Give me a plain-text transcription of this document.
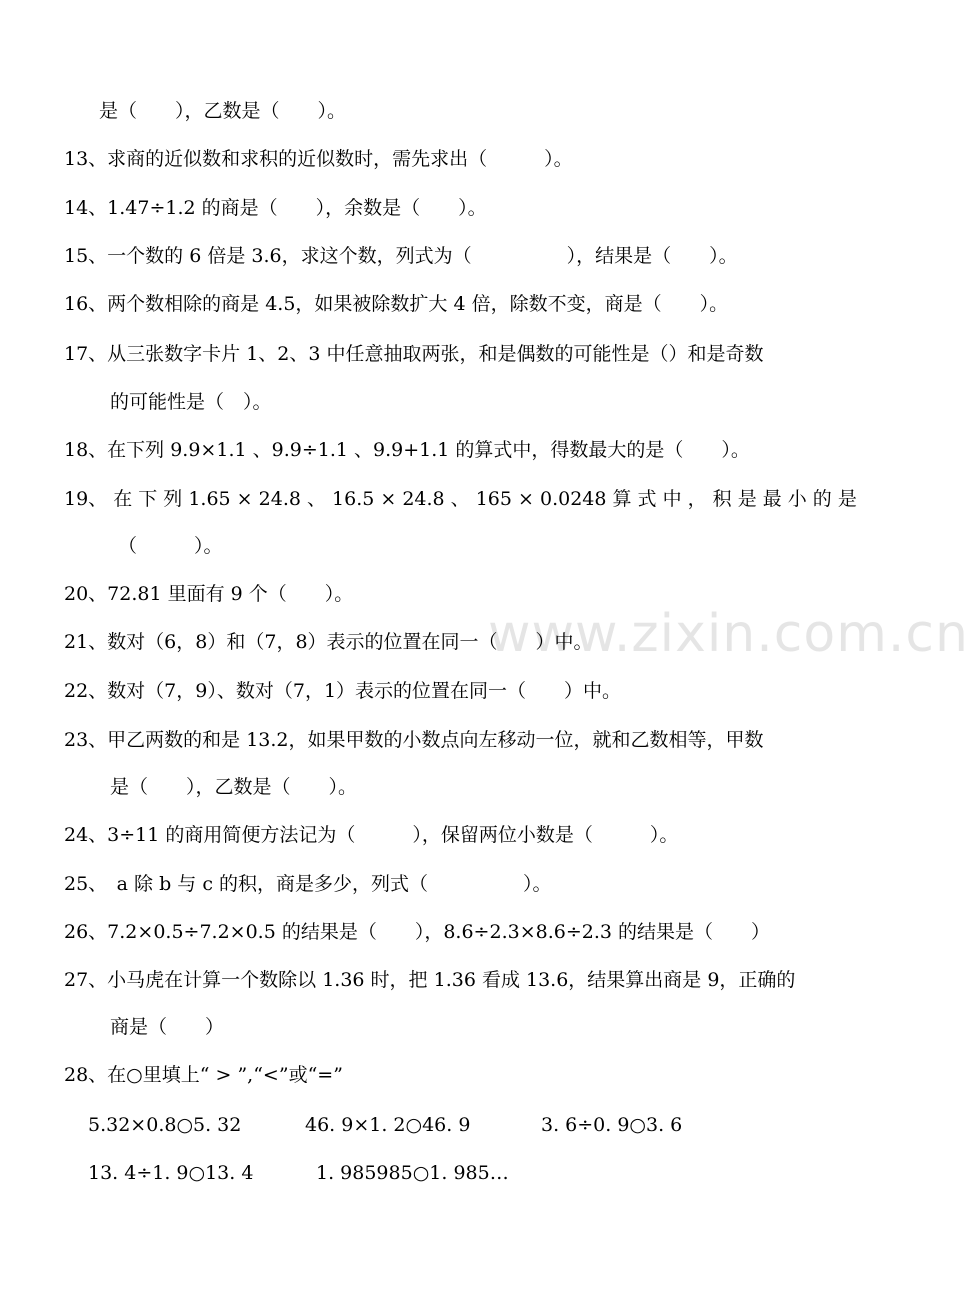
www.zixin.com.cn
是（　　），乙数是（　　）。
13、求商的近似数和求积的近似数时，需先求出（　　　）。
14、1.47÷1.2 的商是（　　），余数是（　　）。
15、一个数的 6 倍是 3.6，求这个数，列式为（　　　　　），结果是（　　）。
16、两个数相除的商是 4.5，如果被除数扩大 4 倍，除数不变，商是（　　）。
17、从三张数字卡片 1、2、3 中任意抽取两张，和是偶数的可能性是（）和是奇数
的可能性是（　）。
18、在下列 9.9×1.1 、9.9÷1.1 、9.9+1.1 的算式中，得数最大的是（　　）。
19、 在 下 列 1.65 × 24.8 、 16.5 × 24.8 、 165 × 0.0248 算 式 中 ， 积 是 最 小 的 是
（　　　）。
20、72.81 里面有 9 个（　　）。
21、数对（6，8）和（7，8）表示的位置在同一（　　）中。
22、数对（7，9）、数对（7，1）表示的位置在同一（　　）中。
23、甲乙两数的和是 13.2，如果甲数的小数点向左移动一位，就和乙数相等，甲数
是（　　），乙数是（　　）。
24、3÷11 的商用简便方法记为（　　　），保留两位小数是（　　　）。
25、　a 除 b 与 c 的积，商是多少，列式（　　　　　）。
26、7.2×0.5÷7.2×0.5 的结果是（　　），8.6÷2.3×8.6÷2.3 的结果是（　　）
27、小马虎在计算一个数除以 1.36 时，把 1.36 看成 13.6，结果算出商是 9，正确的
商是（　　）
28、在○里填上“ > ”,“<”或“=”
5.32×0.8○5. 32	46. 9×1. 2○46. 9	3. 6÷0. 9○3. 6
13. 4÷1. 9○13. 4	1. 985985○1. 985…
